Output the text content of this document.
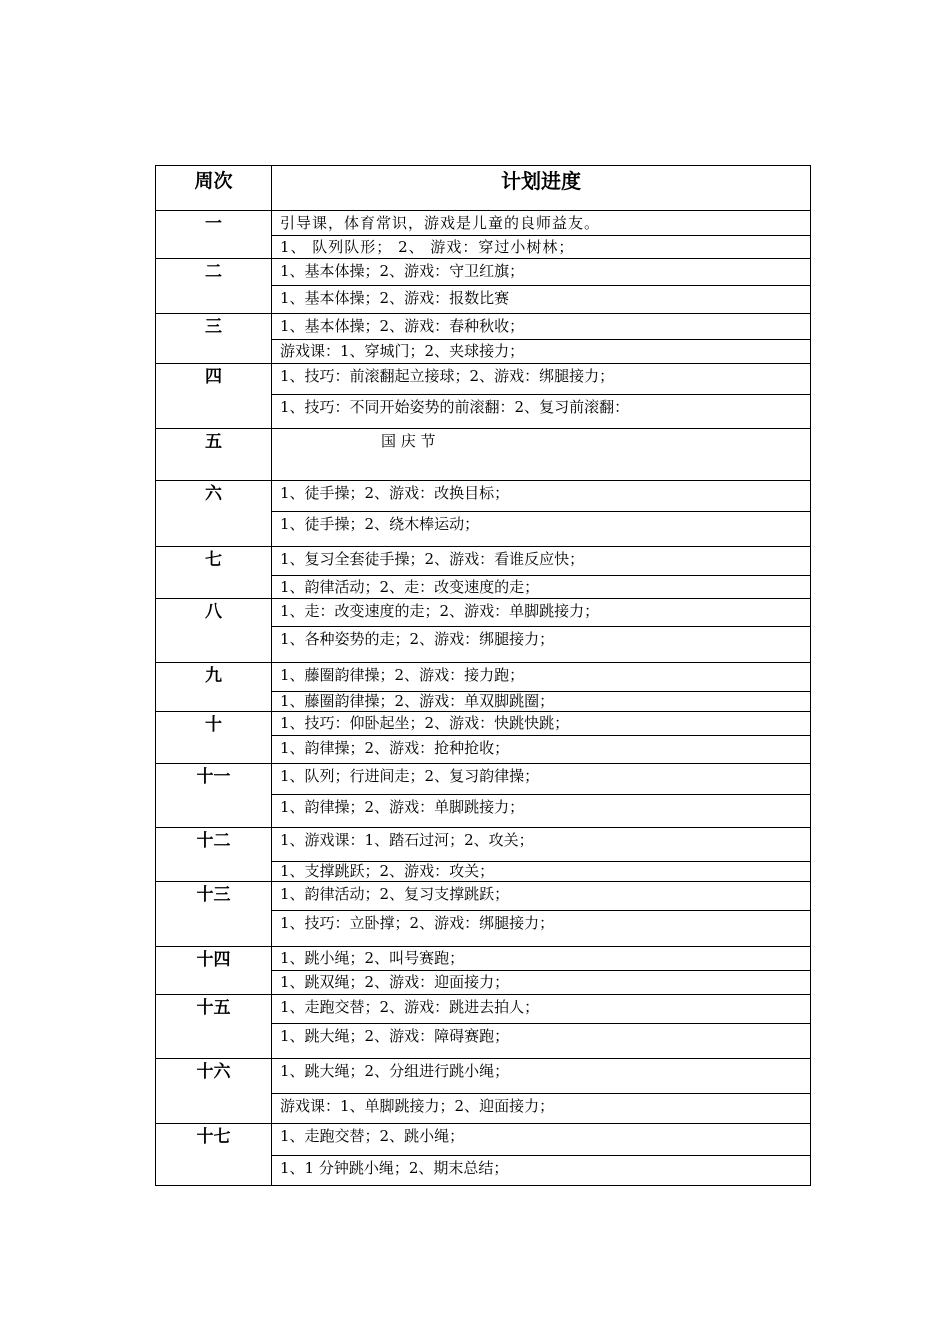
周次	计划进度
一	引导课，体育常识，游戏是儿童的良师益友。
1、 队列队形； 2、 游戏：穿过小树林；
二	1、基本体操；2、游戏：守卫红旗；
1、基本体操；2、游戏：报数比赛
三	1、基本体操；2、游戏：春种秋收；
游戏课：1、穿城门；2、夹球接力；
四	1、技巧：前滚翻起立接球；2、游戏：绑腿接力；
1、技巧：不同开始姿势的前滚翻：2、复习前滚翻：
五	国 庆 节
六	1、徒手操；2、游戏：改换目标；
1、徒手操；2、绕木棒运动；
七	1、复习全套徒手操；2、游戏：看谁反应快；
1、韵律活动；2、走：改变速度的走；
八	1、走：改变速度的走；2、游戏：单脚跳接力；
1、各种姿势的走；2、游戏：绑腿接力；
九	1、藤圈韵律操；2、游戏：接力跑；
1、藤圈韵律操；2、游戏：单双脚跳圈；
十	1、技巧：仰卧起坐；2、游戏：快跳快跳；
1、韵律操；2、游戏：抢种抢收；
十一	1、队列；行进间走；2、复习韵律操；
1、韵律操；2、游戏：单脚跳接力；
十二	1、游戏课：1、踏石过河；2、攻关；
1、支撑跳跃；2、游戏：攻关；
十三	1、韵律活动；2、复习支撑跳跃；
1、技巧：立卧撑；2、游戏：绑腿接力；
十四	1、跳小绳；2、叫号赛跑；
1、跳双绳；2、游戏：迎面接力；
十五	1、走跑交替；2、游戏：跳进去拍人；
1、跳大绳；2、游戏：障碍赛跑；
十六	1、跳大绳；2、分组进行跳小绳；
游戏课：1、单脚跳接力；2、迎面接力；
十七	1、走跑交替；2、跳小绳；
1、1 分钟跳小绳；2、期末总结；
